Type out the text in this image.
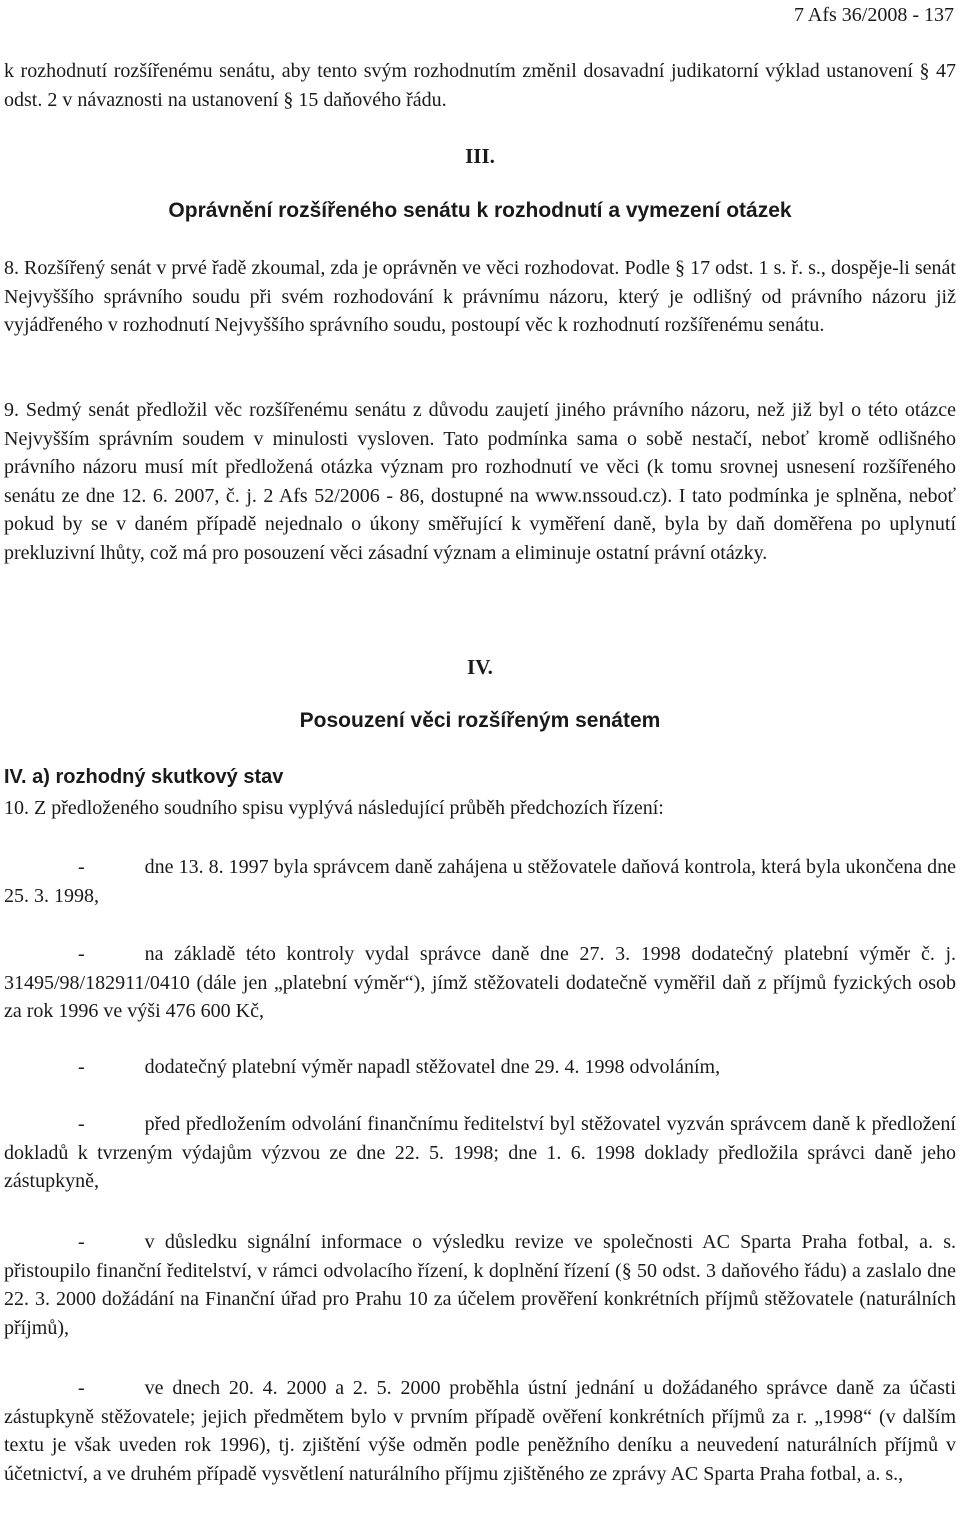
7 Afs 36/2008 - 137

k rozhodnutí rozšířenému senátu, aby tento svým rozhodnutím změnil dosavadní judikatorní výklad ustanovení § 47 odst. 2 v návaznosti na ustanovení § 15 daňového řádu.

III.
Oprávnění rozšířeného senátu k rozhodnutí a vymezení otázek

8. Rozšířený senát v prvé řadě zkoumal, zda je oprávněn ve věci rozhodovat. Podle § 17 odst. 1 s. ř. s., dospěje-li senát Nejvyššího správního soudu při svém rozhodování k právnímu názoru, který je odlišný od právního názoru již vyjádřeného v rozhodnutí Nejvyššího správního soudu, postoupí věc k rozhodnutí rozšířenému senátu.

9. Sedmý senát předložil věc rozšířenému senátu z důvodu zaujetí jiného právního názoru, než již byl o této otázce Nejvyšším správním soudem v minulosti vysloven. Tato podmínka sama o sobě nestačí, neboť kromě odlišného právního názoru musí mít předložená otázka význam pro rozhodnutí ve věci (k tomu srovnej usnesení rozšířeného senátu ze dne 12. 6. 2007, č. j. 2 Afs 52/2006 - 86, dostupné na www.nssoud.cz). I tato podmínka je splněna, neboť pokud by se v daném případě nejednalo o úkony směřující k vyměření daně, byla by daň doměřena po uplynutí prekluzivní lhůty, což má pro posouzení věci zásadní význam a eliminuje ostatní právní otázky.

IV.
Posouzení věci rozšířeným senátem
IV. a) rozhodný skutkový stav

10. Z předloženého soudního spisu vyplývá následující průběh předchozích řízení:

-	dne 13. 8. 1997 byla správcem daně zahájena u stěžovatele daňová kontrola, která byla ukončena dne 25. 3. 1998,
-	na základě této kontroly vydal správce daně dne 27. 3. 1998 dodatečný platební výměr č. j. 31495/98/182911/0410 (dále jen „platební výměr“), jímž stěžovateli dodatečně vyměřil daň z příjmů fyzických osob za rok 1996 ve výši 476 600 Kč,
-	dodatečný platební výměr napadl stěžovatel dne 29. 4. 1998 odvoláním,
-	před předložením odvolání finančnímu ředitelství byl stěžovatel vyzván správcem daně k předložení dokladů k tvrzeným výdajům výzvou ze dne 22. 5. 1998; dne 1. 6. 1998 doklady předložila správci daně jeho zástupkyně,
-	v důsledku signální informace o výsledku revize ve společnosti AC Sparta Praha fotbal, a. s. přistoupilo finanční ředitelství, v rámci odvolacího řízení, k doplnění řízení (§ 50 odst. 3 daňového řádu) a zaslalo dne 22. 3. 2000 dožádání na Finanční úřad pro Prahu 10 za účelem prověření konkrétních příjmů stěžovatele (naturálních příjmů),
-	ve dnech 20. 4. 2000 a 2. 5. 2000 proběhla ústní jednání u dožádaného správce daně za účasti zástupkyně stěžovatele; jejich předmětem bylo v prvním případě ověření konkrétních příjmů za r. „1998“ (v dalším textu je však uveden rok 1996), tj. zjištění výše odměn podle peněžního deníku a neuvedení naturálních příjmů v účetnictví, a ve druhém případě vysvětlení naturálního příjmu zjištěného ze zprávy AC Sparta Praha fotbal, a. s.,
